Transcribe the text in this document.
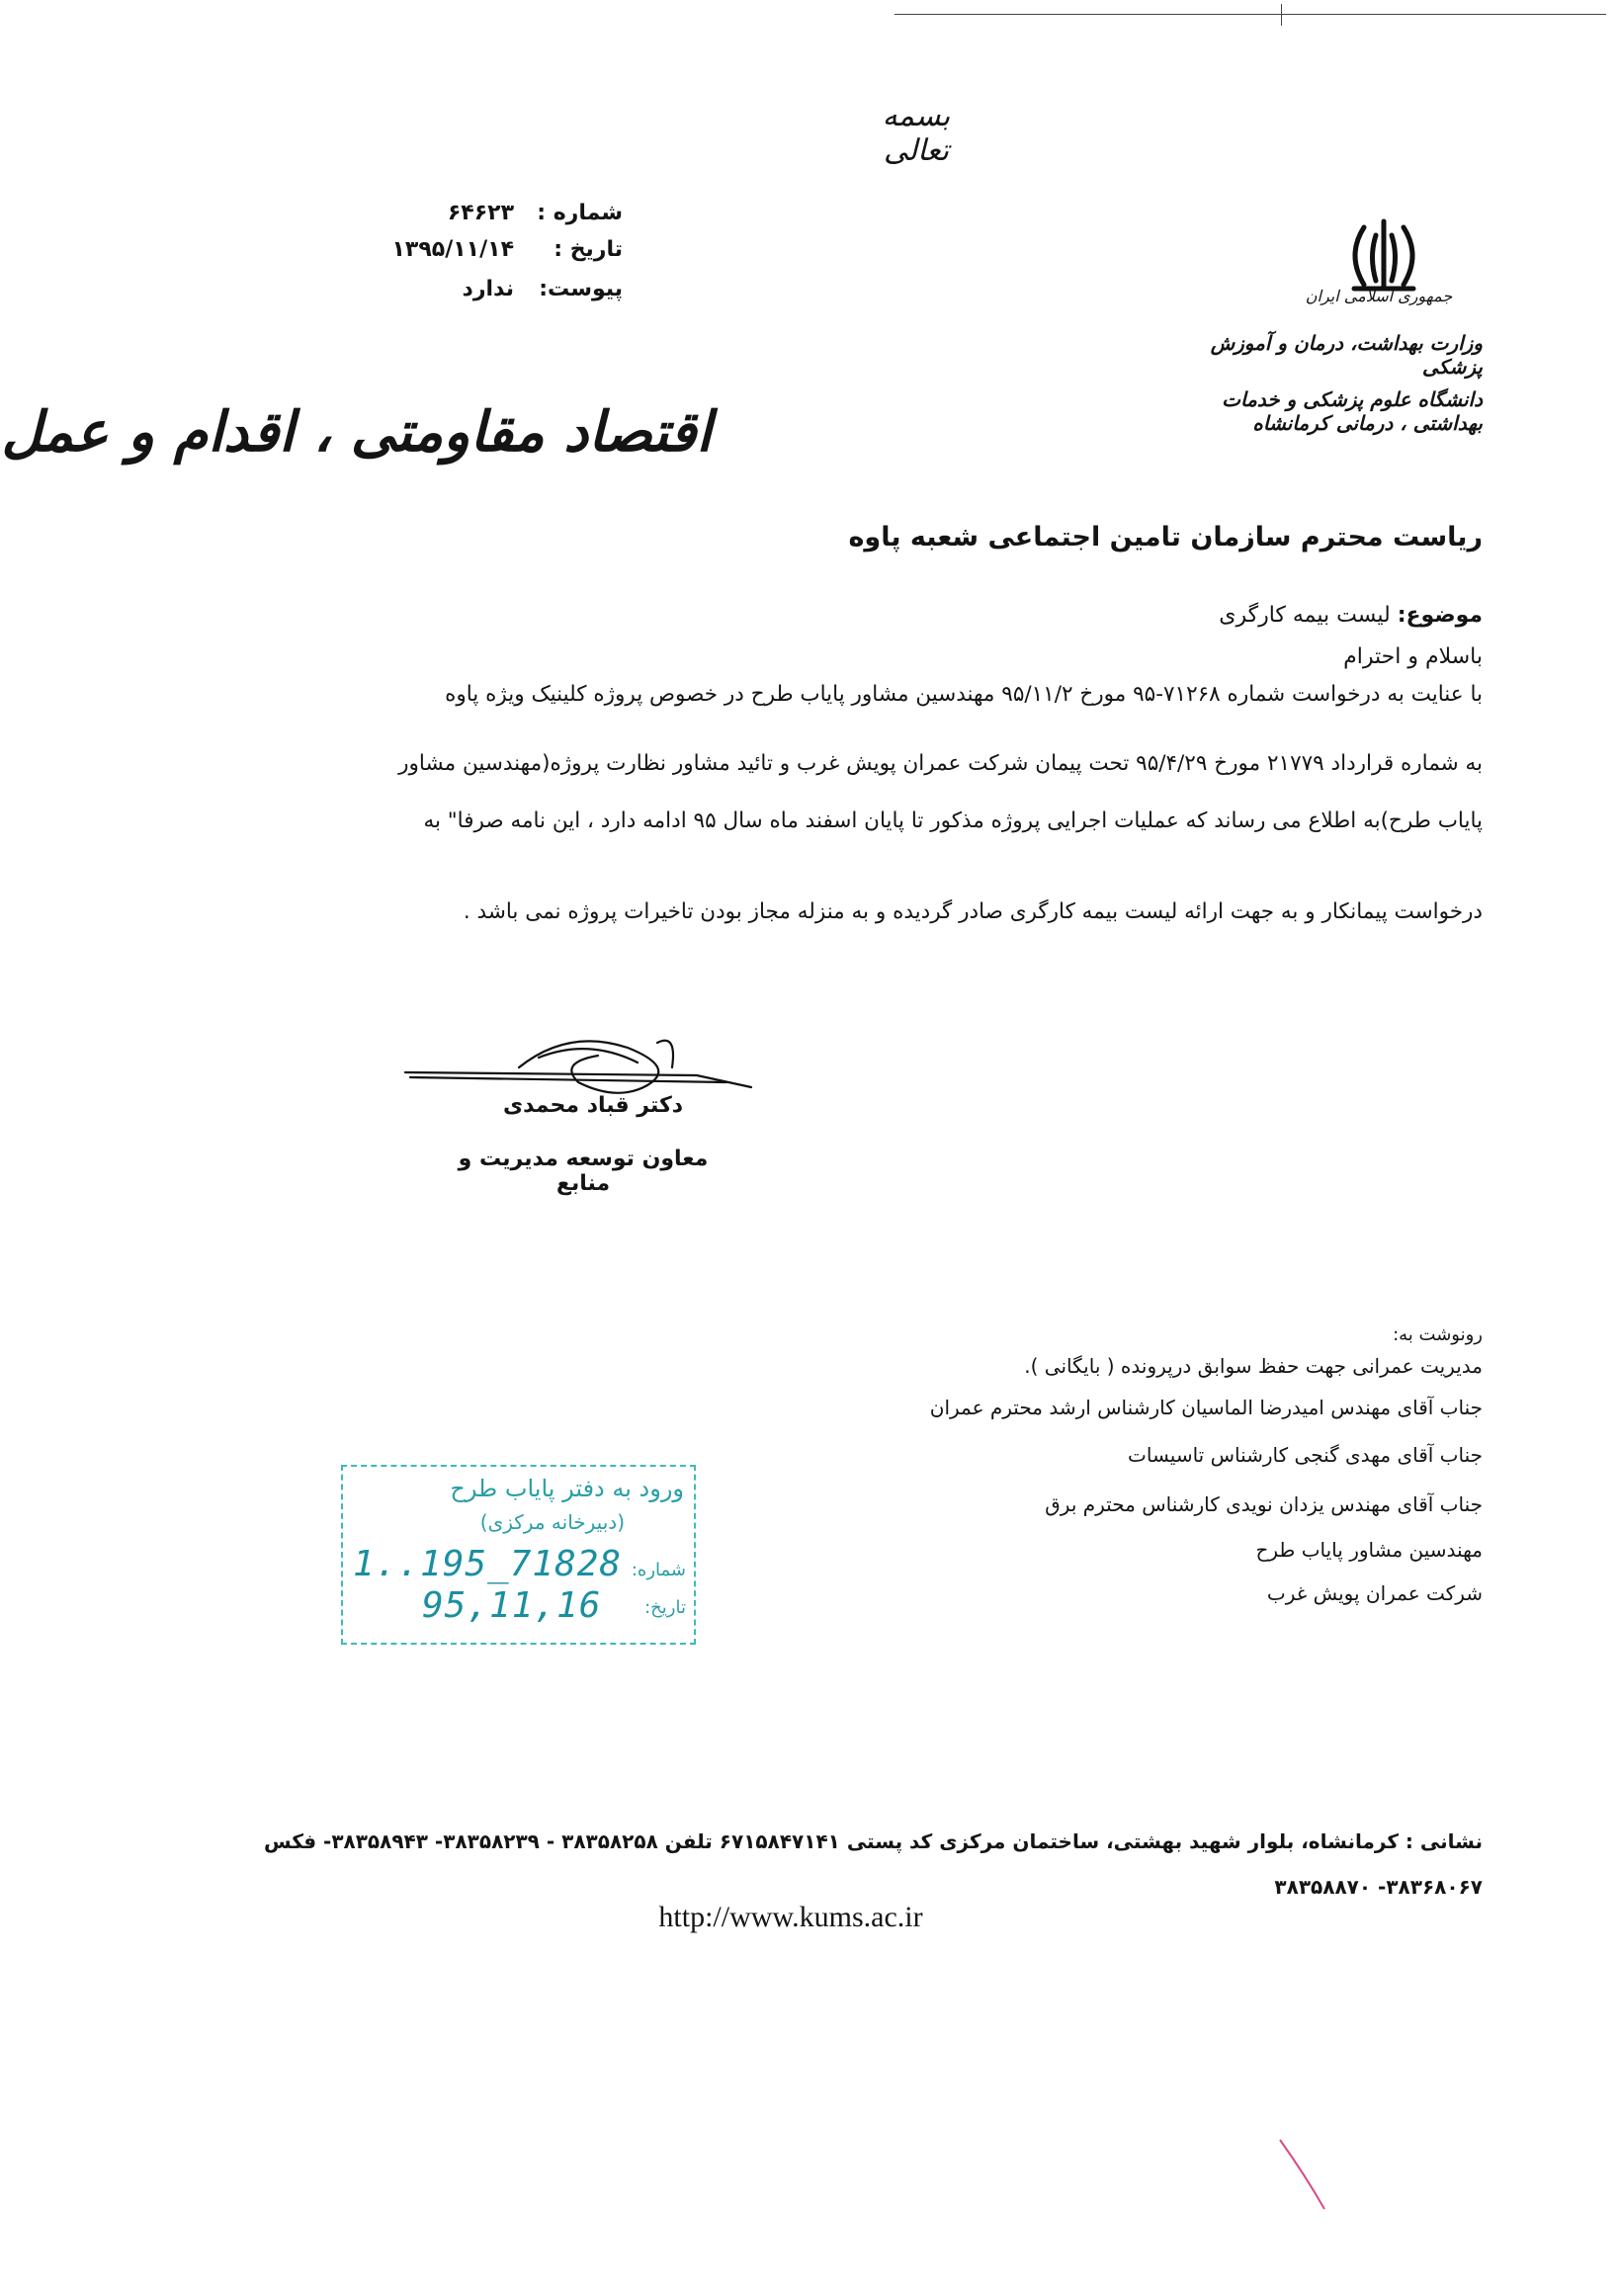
بسمه تعالی
جمهوری اسلامی ایران
وزارت بهداشت، درمان و آموزش پزشکی
دانشگاه علوم پزشکی و خدمات بهداشتی ، درمانی کرمانشاه
شماره :۶۴۶۲۳
تاریخ :۱۳۹۵/۱۱/۱۴
پیوست:ندارد
اقتصاد مقاومتی ، اقدام و عمل
ریاست محترم سازمان تامین اجتماعی شعبه پاوه
موضوع: لیست بیمه کارگری
باسلام و احترام
با عنایت به درخواست شماره ۷۱۲۶۸-۹۵ مورخ ۹۵/۱۱/۲ مهندسین مشاور پایاب طرح در خصوص پروژه کلینیک ویژه پاوه
به شماره قرارداد ۲۱۷۷۹ مورخ ۹۵/۴/۲۹ تحت پیمان شرکت عمران پویش غرب و تائید مشاور نظارت پروژه(مهندسین مشاور
پایاب طرح)به اطلاع می رساند که عملیات اجرایی پروژه مذکور تا پایان اسفند ماه سال ۹۵ ادامه دارد ، این نامه صرفا" به
درخواست پیمانکار و به جهت ارائه لیست بیمه کارگری صادر گردیده و به منزله مجاز بودن تاخیرات پروژه نمی باشد .
دکتر قباد محمدی
معاون توسعه مدیریت و منابع
رونوشت به:
مدیریت عمرانی جهت حفظ سوابق درپرونده ( بایگانی ).
جناب آقای مهندس امیدرضا الماسیان کارشناس ارشد محترم عمران
جناب آقای مهدی گنجی کارشناس تاسیسات
جناب آقای مهندس یزدان نویدی کارشناس محترم برق
مهندسین مشاور پایاب طرح
شرکت عمران پویش غرب
ورود به دفتر پایاب طرح
(دبیرخانه مرکزی)
شماره:
تاریخ:
1..195_71828
95,11,16
نشانی : کرمانشاه، بلوار شهید بهشتی، ساختمان مرکزی کد پستی ۶۷۱۵۸۴۷۱۴۱ تلفن ۳۸۳۵۸۲۵۸ - ۳۸۳۵۸۲۳۹- ۳۸۳۵۸۹۴۳- فکس ۳۸۳۶۸۰۶۷- ۳۸۳۵۸۸۷۰
http://www.kums.ac.ir
